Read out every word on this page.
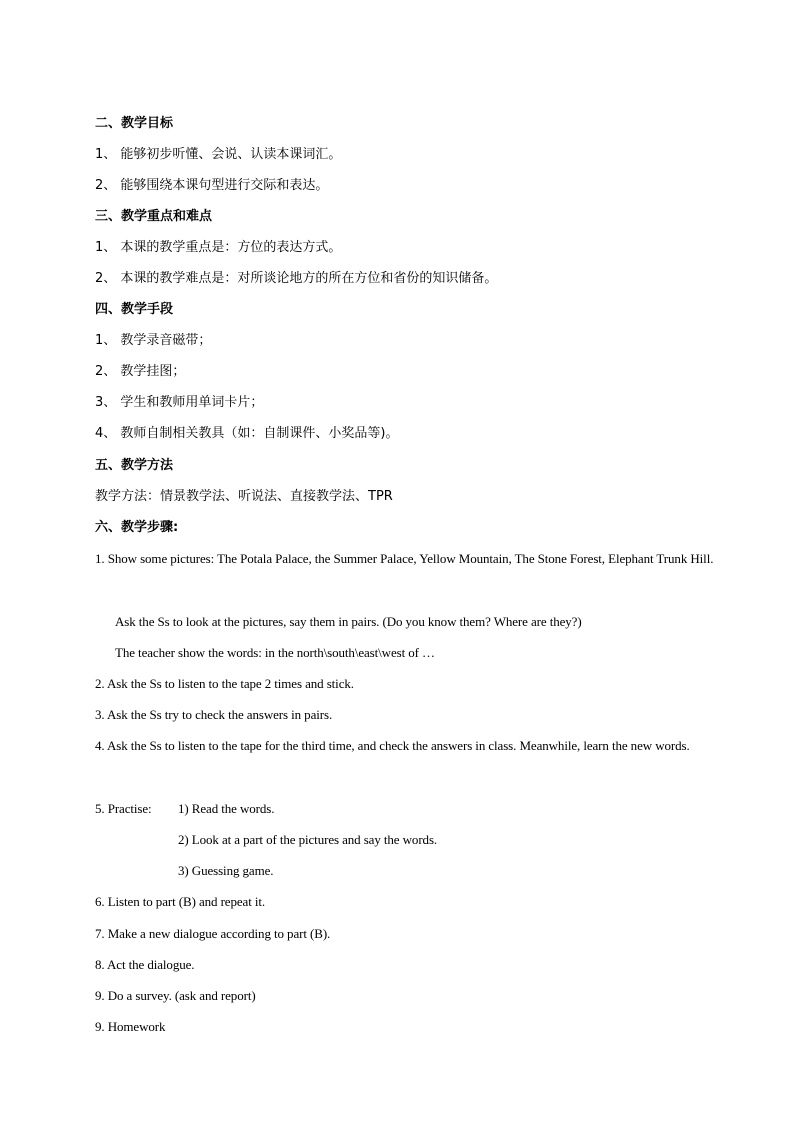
二、教学目标
1、 能够初步听懂、会说、认读本课词汇。
2、 能够围绕本课句型进行交际和表达。
三、教学重点和难点
1、 本课的教学重点是：方位的表达方式。
2、 本课的教学难点是：对所谈论地方的所在方位和省份的知识储备。
四、教学手段
1、 教学录音磁带；
2、 教学挂图；
3、 学生和教师用单词卡片；
4、 教师自制相关教具（如：自制课件、小奖品等)。
五、教学方法
教学方法：情景教学法、听说法、直接教学法、TPR
六、教学步骤:
1. Show some pictures: The Potala Palace, the Summer Palace, Yellow Mountain, The Stone Forest, Elephant Trunk Hill.
Ask the Ss to look at the pictures, say them in pairs. (Do you know them? Where are they?)
The teacher show the words: in the north\south\east\west of …
2. Ask the Ss to listen to the tape 2 times and stick.
3. Ask the Ss try to check the answers in pairs.
4. Ask the Ss to listen to the tape for the third time, and check the answers in class. Meanwhile, learn the new words.
5. Practise: 1) Read the words.
2) Look at a part of the pictures and say the words.
3) Guessing game.
6. Listen to part (B) and repeat it.
7. Make a new dialogue according to part (B).
8. Act the dialogue.
9. Do a survey. (ask and report)
9. Homework
